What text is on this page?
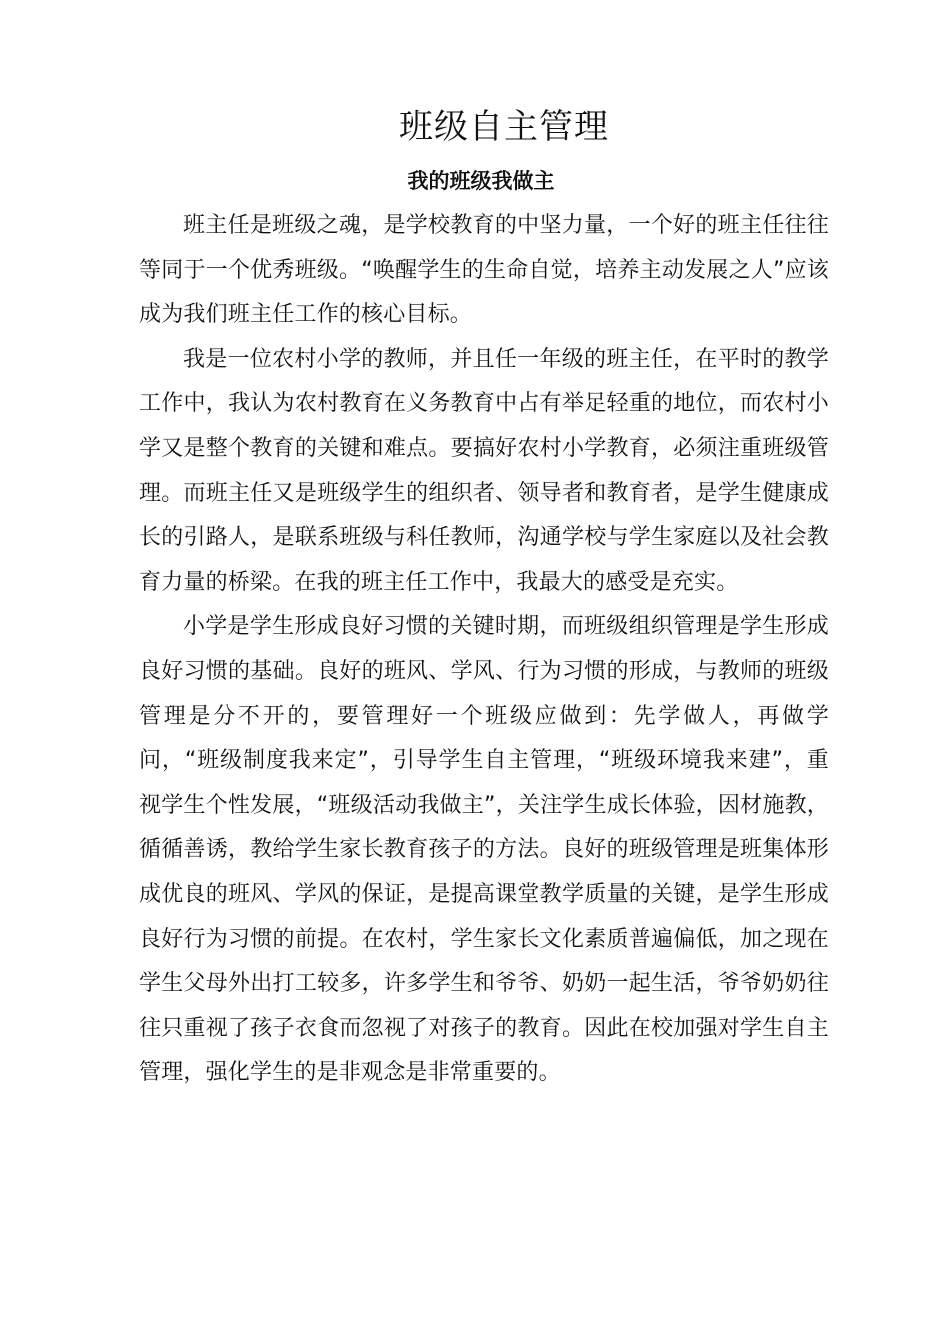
班级自主管理
我的班级我做主

班主任是班级之魂，是学校教育的中坚力量，一个好的班主任往往等同于一个优秀班级。“唤醒学生的生命自觉，培养主动发展之人”应该成为我们班主任工作的核心目标。

我是一位农村小学的教师，并且任一年级的班主任，在平时的教学工作中，我认为农村教育在义务教育中占有举足轻重的地位，而农村小学又是整个教育的关键和难点。要搞好农村小学教育，必须注重班级管理。而班主任又是班级学生的组织者、领导者和教育者，是学生健康成长的引路人，是联系班级与科任教师，沟通学校与学生家庭以及社会教育力量的桥梁。在我的班主任工作中，我最大的感受是充实。

小学是学生形成良好习惯的关键时期，而班级组织管理是学生形成良好习惯的基础。良好的班风、学风、行为习惯的形成，与教师的班级管理是分不开的，要管理好一个班级应做到：先学做人，再做学问，“班级制度我来定”，引导学生自主管理，“班级环境我来建”，重视学生个性发展，“班级活动我做主”，关注学生成长体验，因材施教，循循善诱，教给学生家长教育孩子的方法。良好的班级管理是班集体形成优良的班风、学风的保证，是提高课堂教学质量的关键，是学生形成良好行为习惯的前提。在农村，学生家长文化素质普遍偏低，加之现在学生父母外出打工较多，许多学生和爷爷、奶奶一起生活，爷爷奶奶往往只重视了孩子衣食而忽视了对孩子的教育。因此在校加强对学生自主管理，强化学生的是非观念是非常重要的。
